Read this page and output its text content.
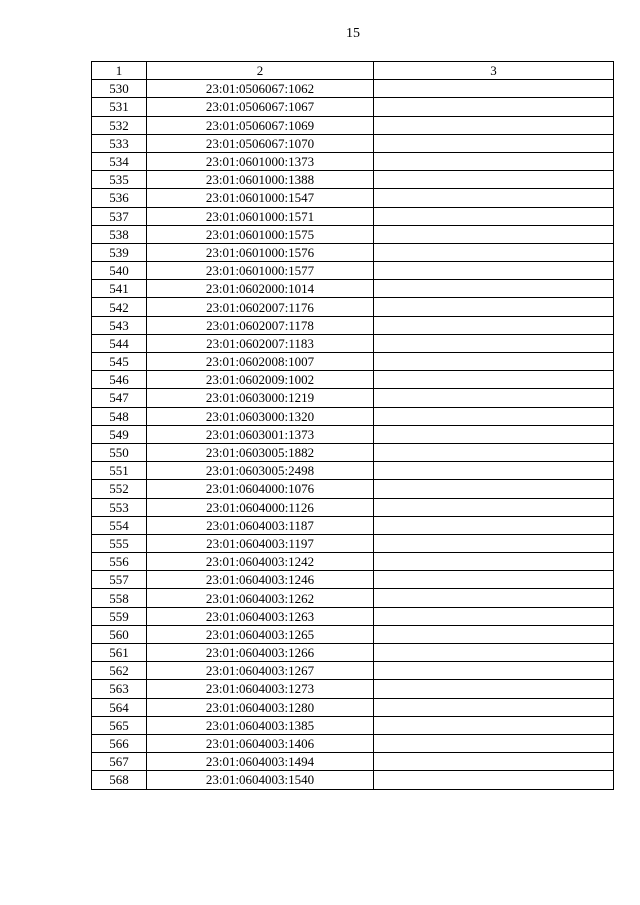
15
1	2	3
530	23:01:0506067:1062	
531	23:01:0506067:1067	
532	23:01:0506067:1069	
533	23:01:0506067:1070	
534	23:01:0601000:1373	
535	23:01:0601000:1388	
536	23:01:0601000:1547	
537	23:01:0601000:1571	
538	23:01:0601000:1575	
539	23:01:0601000:1576	
540	23:01:0601000:1577	
541	23:01:0602000:1014	
542	23:01:0602007:1176	
543	23:01:0602007:1178	
544	23:01:0602007:1183	
545	23:01:0602008:1007	
546	23:01:0602009:1002	
547	23:01:0603000:1219	
548	23:01:0603000:1320	
549	23:01:0603001:1373	
550	23:01:0603005:1882	
551	23:01:0603005:2498	
552	23:01:0604000:1076	
553	23:01:0604000:1126	
554	23:01:0604003:1187	
555	23:01:0604003:1197	
556	23:01:0604003:1242	
557	23:01:0604003:1246	
558	23:01:0604003:1262	
559	23:01:0604003:1263	
560	23:01:0604003:1265	
561	23:01:0604003:1266	
562	23:01:0604003:1267	
563	23:01:0604003:1273	
564	23:01:0604003:1280	
565	23:01:0604003:1385	
566	23:01:0604003:1406	
567	23:01:0604003:1494	
568	23:01:0604003:1540	
